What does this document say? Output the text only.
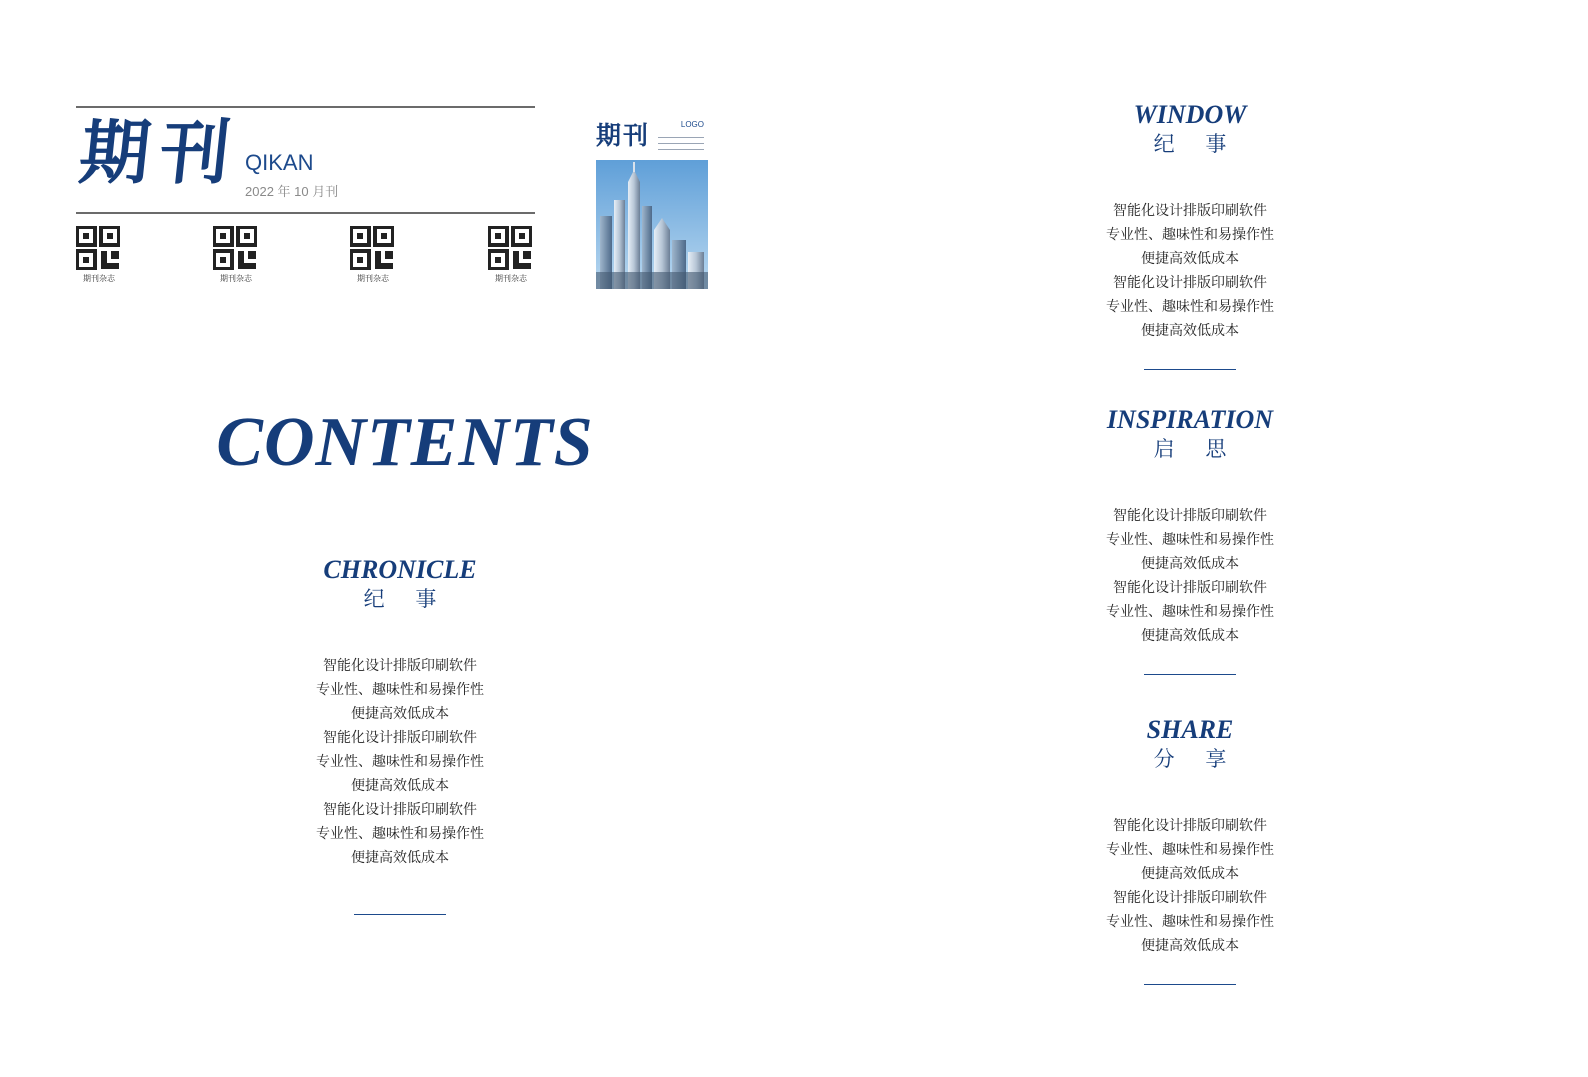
期刊 QIKAN
2022 年 10 月刊
期刊杂志	期刊杂志	期刊杂志	期刊杂志
期刊	LOGO
CONTENTS
CHRONICLE
纪 事
智能化设计排版印刷软件
专业性、趣味性和易操作性
便捷高效低成本
智能化设计排版印刷软件
专业性、趣味性和易操作性
便捷高效低成本
智能化设计排版印刷软件
专业性、趣味性和易操作性
便捷高效低成本
WINDOW
纪 事
智能化设计排版印刷软件
专业性、趣味性和易操作性
便捷高效低成本
智能化设计排版印刷软件
专业性、趣味性和易操作性
便捷高效低成本
INSPIRATION
启 思
智能化设计排版印刷软件
专业性、趣味性和易操作性
便捷高效低成本
智能化设计排版印刷软件
专业性、趣味性和易操作性
便捷高效低成本
SHARE
分 享
智能化设计排版印刷软件
专业性、趣味性和易操作性
便捷高效低成本
智能化设计排版印刷软件
专业性、趣味性和易操作性
便捷高效低成本
